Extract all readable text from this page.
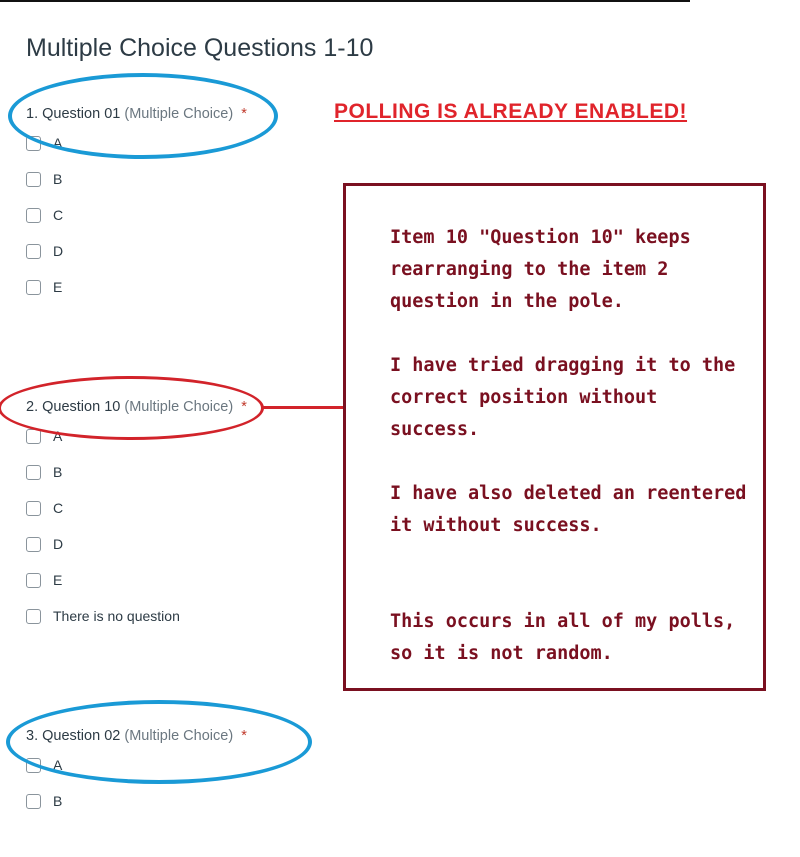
Multiple Choice Questions 1-10
1. Question 01 (Multiple Choice) *
A
B
C
D
E
2. Question 10 (Multiple Choice) *
A
B
C
D
E
There is no question
3. Question 02 (Multiple Choice) *
A
B
POLLING IS ALREADY ENABLED!

Item 10 "Question 10" keeps rearranging to the item 2 question in the pole.

I have tried dragging it to the correct position without success.

I have also deleted an reentered it without success.

This occurs in all of my polls, so it is not random.
